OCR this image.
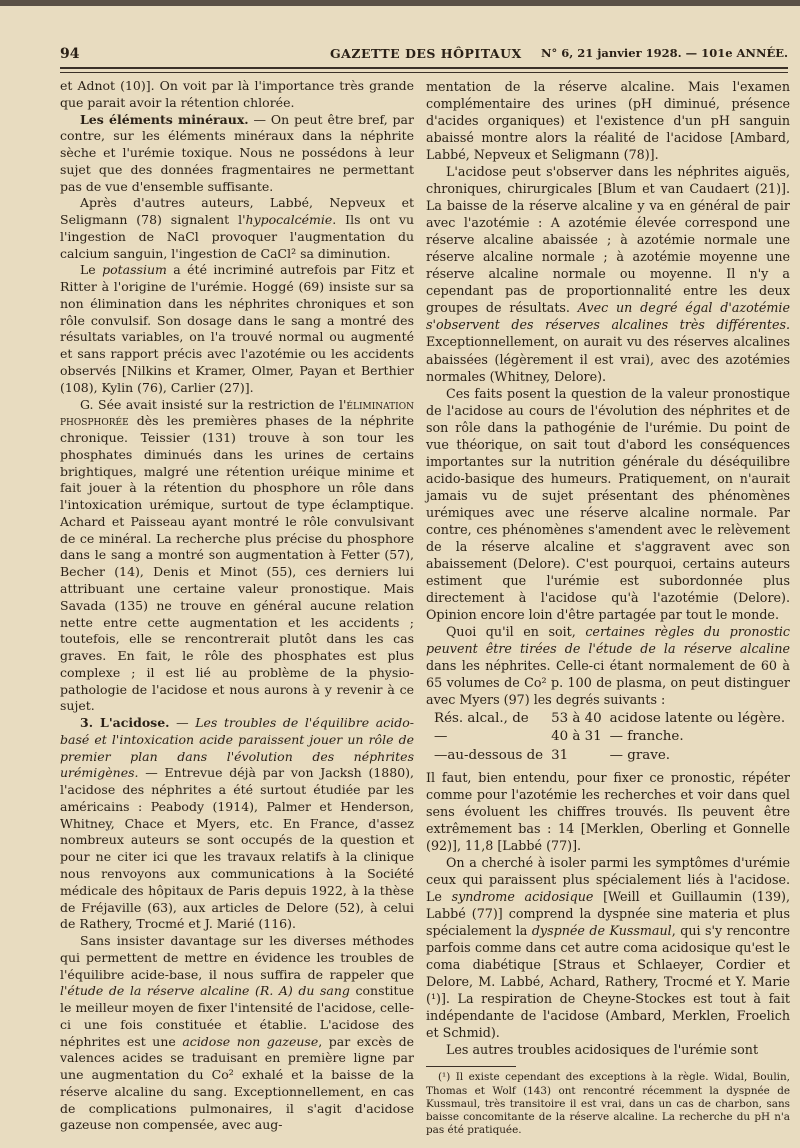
94	GAZETTE DES HÔPITAUX N° 6, 21 janvier 1928. — 101e ANNÉE.

et Adnot (10)]. On voit par là l'importance très grande que parait avoir la rétention chlorée.

Les éléments minéraux. — On peut être bref, par contre, sur les éléments minéraux dans la néphrite sèche et l'urémie toxique. Nous ne possédons à leur sujet que des données fragmentaires ne permettant pas de vue d'ensemble suffisante.

Après d'autres auteurs, Labbé, Nepveux et Seligmann (78) signalent l'hypocalcémie. Ils ont vu l'ingestion de NaCl provoquer l'augmentation du calcium sanguin, l'ingestion de CaCl² sa diminution.

Le potassium a été incriminé autrefois par Fitz et Ritter à l'origine de l'urémie. Hoggé (69) insiste sur sa non élimination dans les néphrites chroniques et son rôle convulsif. Son dosage dans le sang a montré des résultats variables, on l'a trouvé normal ou augmenté et sans rapport précis avec l'azotémie ou les accidents observés [Nilkins et Kramer, Olmer, Payan et Berthier (108), Kylin (76), Carlier (27)].

G. Sée avait insisté sur la restriction de l'élimination phosphorée dès les premières phases de la néphrite chronique. Teissier (131) trouve à son tour les phosphates diminués dans les urines de certains brightiques, malgré une rétention uréique minime et fait jouer à la rétention du phosphore un rôle dans l'intoxication urémique, surtout de type éclamptique. Achard et Paisseau ayant montré le rôle convulsivant de ce minéral. La recherche plus précise du phosphore dans le sang a montré son augmentation à Fetter (57), Becher (14), Denis et Minot (55), ces derniers lui attribuant une certaine valeur pronostique. Mais Savada (135) ne trouve en général aucune relation nette entre cette augmentation et les accidents ; toutefois, elle se rencontrerait plutôt dans les cas graves. En fait, le rôle des phosphates est plus complexe ; il est lié au problème de la physio-pathologie de l'acidose et nous aurons à y revenir à ce sujet.

3. L'acidose. — Les troubles de l'équilibre acido-basé et l'intoxication acide paraissent jouer un rôle de premier plan dans l'évolution des néphrites urémigènes. — Entrevue déjà par von Jacksh (1880), l'acidose des néphrites a été surtout étudiée par les américains : Peabody (1914), Palmer et Henderson, Whitney, Chace et Myers, etc. En France, d'assez nombreux auteurs se sont occupés de la question et pour ne citer ici que les travaux relatifs à la clinique nous renvoyons aux communications à la Société médicale des hôpitaux de Paris depuis 1922, à la thèse de Fréjaville (63), aux articles de Delore (52), à celui de Rathery, Trocmé et J. Marié (116).

Sans insister davantage sur les diverses méthodes qui permettent de mettre en évidence les troubles de l'équilibre acide-base, il nous suffira de rappeler que l'étude de la réserve alcaline (R. A) du sang constitue le meilleur moyen de fixer l'intensité de l'acidose, celle-ci une fois constituée et établie. L'acidose des néphrites est une acidose non gazeuse, par excès de valences acides se traduisant en première ligne par une augmentation du Co² exhalé et la baisse de la réserve alcaline du sang. Exceptionnellement, en cas de complications pulmonaires, il s'agit d'acidose gazeuse non compensée, avec aug-

mentation de la réserve alcaline. Mais l'examen complémentaire des urines (pH diminué, présence d'acides organiques) et l'existence d'un pH sanguin abaissé montre alors la réalité de l'acidose [Ambard, Labbé, Nepveux et Seligmann (78)].

L'acidose peut s'observer dans les néphrites aiguës, chroniques, chirurgicales [Blum et van Caudaert (21)]. La baisse de la réserve alcaline y va en général de pair avec l'azotémie : A azotémie élevée correspond une réserve alcaline abaissée ; à azotémie normale une réserve alcaline normale ; à azotémie moyenne une réserve alcaline normale ou moyenne. Il n'y a cependant pas de proportionnalité entre les deux groupes de résultats. Avec un degré égal d'azotémie s'observent des réserves alcalines très différentes. Exceptionnellement, on aurait vu des réserves alcalines abaissées (légèrement il est vrai), avec des azotémies normales (Whitney, Delore).

Ces faits posent la question de la valeur pronostique de l'acidose au cours de l'évolution des néphrites et de son rôle dans la pathogénie de l'urémie. Du point de vue théorique, on sait tout d'abord les conséquences importantes sur la nutrition générale du déséquilibre acido-basique des humeurs. Pratiquement, on n'aurait jamais vu de sujet présentant des phénomènes urémiques avec une réserve alcaline normale. Par contre, ces phénomènes s'amendent avec le relèvement de la réserve alcaline et s'aggravent avec son abaissement (Delore). C'est pourquoi, certains auteurs estiment que l'urémie est subordonnée plus directement à l'acidose qu'à l'azotémie (Delore). Opinion encore loin d'être partagée par tout le monde.

Quoi qu'il en soit, certaines règles du pronostic peuvent être tirées de l'étude de la réserve alcaline dans les néphrites. Celle-ci étant normalement de 60 à 65 volumes de Co² p. 100 de plasma, on peut distinguer avec Myers (97) les degrés suivants :

Rés. alcal., de	53 à 40	acidose latente ou légère.
—	40 à 31	— franche.
—au-dessous de	31	— grave.

Il faut, bien entendu, pour fixer ce pronostic, répéter comme pour l'azotémie les recherches et voir dans quel sens évoluent les chiffres trouvés. Ils peuvent être extrêmement bas : 14 [Merklen, Oberling et Gonnelle (92)], 11,8 [Labbé (77)].

On a cherché à isoler parmi les symptômes d'urémie ceux qui paraissent plus spécialement liés à l'acidose. Le syndrome acidosique [Weill et Guillaumin (139), Labbé (77)] comprend la dyspnée sine materia et plus spécialement la dyspnée de Kussmaul, qui s'y rencontre parfois comme dans cet autre coma acidosique qu'est le coma diabétique [Straus et Schlaeyer, Cordier et Delore, M. Labbé, Achard, Rathery, Trocmé et Y. Marie (¹)]. La respiration de Cheyne-Stockes est tout à fait indépendante de l'acidose (Ambard, Merklen, Froelich et Schmid).

Les autres troubles acidosiques de l'urémie sont

(¹) Il existe cependant des exceptions à la règle. Widal, Boulin, Thomas et Wolf (143) ont rencontré récemment la dyspnée de Kussmaul, très transitoire il est vrai, dans un cas de charbon, sans baisse concomitante de la réserve alcaline. La recherche du pH n'a pas été pratiquée.
